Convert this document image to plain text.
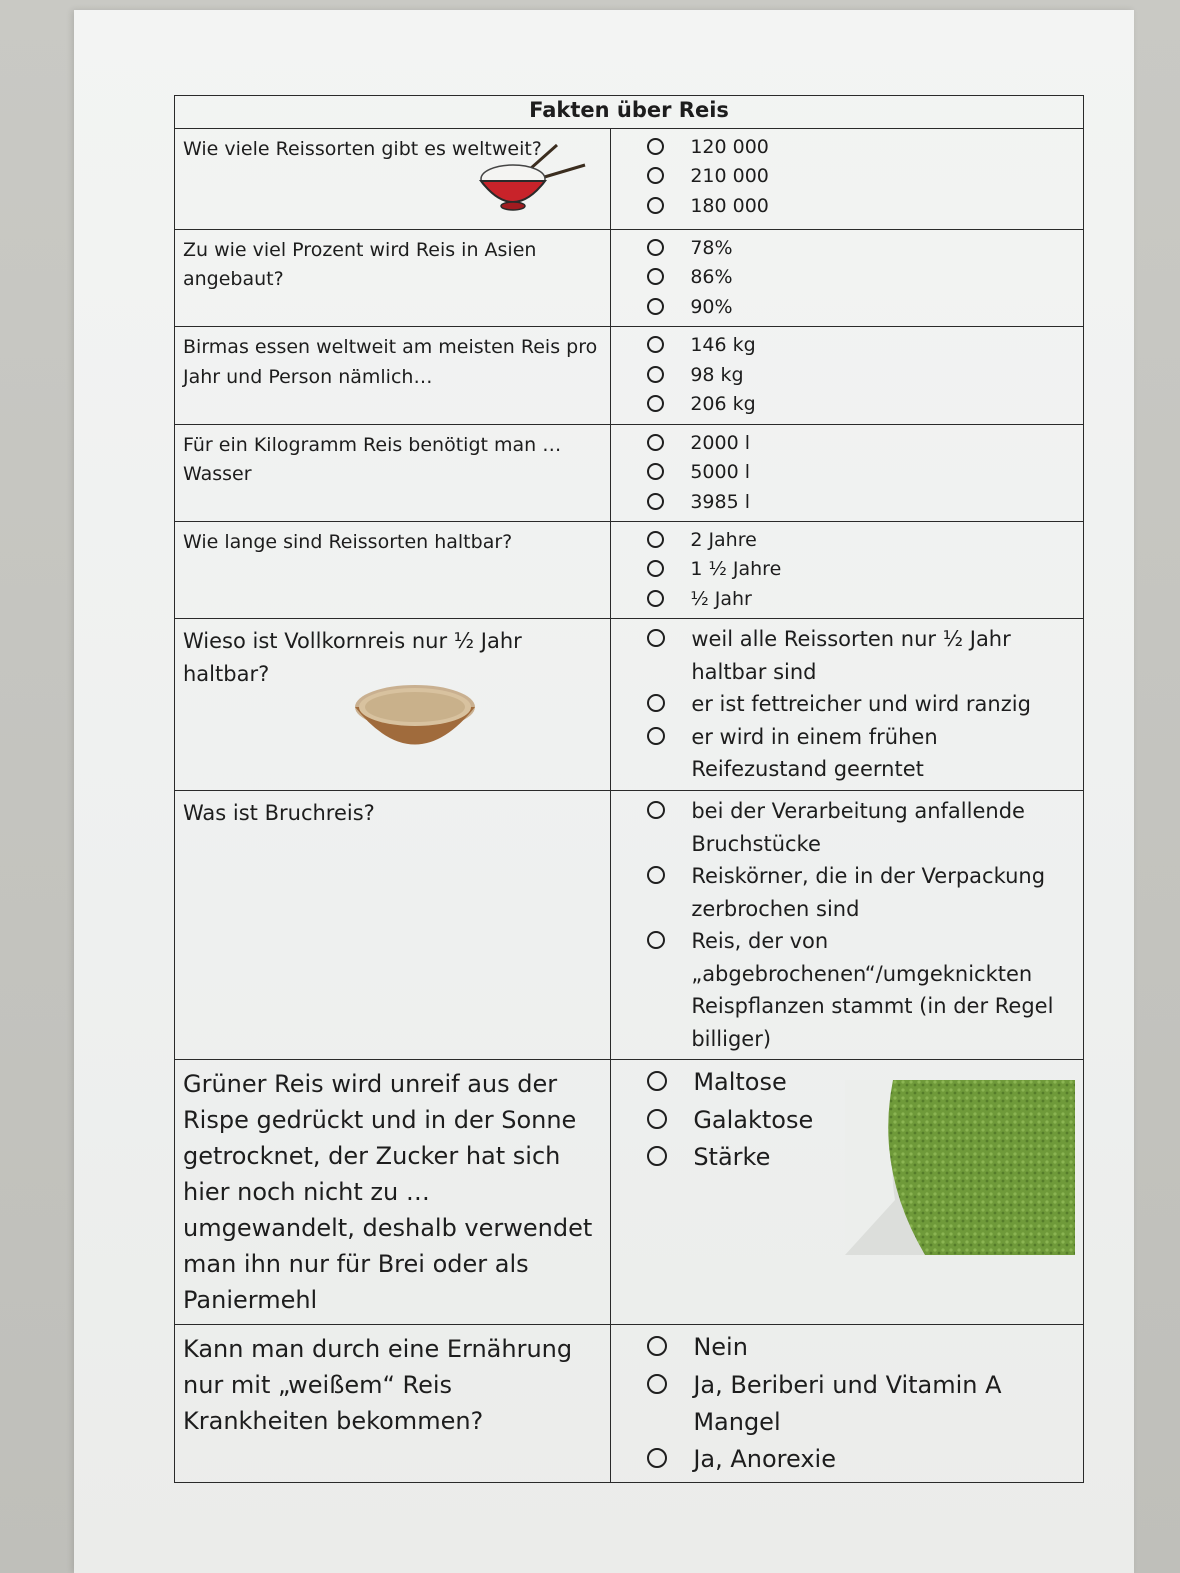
Fakten über Reis	
Wie viele Reissorten gibt es weltweit?	120 000
210 000
180 000

Zu wie viel Prozent wird Reis in Asien angebaut?	78%
86%
90%

Birmas essen weltweit am meisten Reis pro Jahr und Person nämlich…	146 kg
98 kg
206 kg

Für ein Kilogramm Reis benötigt man … Wasser	2000 l
5000 l
3985 l

Wie lange sind Reissorten haltbar?	2 Jahre
1 ½ Jahre
½ Jahr

Wieso ist Vollkornreis nur ½ Jahr haltbar?	weil alle Reissorten nur ½ Jahr haltbar sind
er ist fettreicher und wird ranzig
er wird in einem frühen Reifezustand geerntet

Was ist Bruchreis?	bei der Verarbeitung anfallende Bruchstücke
Reiskörner, die in der Verpackung zerbrochen sind
Reis, der von „abgebrochenen“/umgeknickten Reispflanzen stammt (in der Regel billiger)

Grüner Reis wird unreif aus der Rispe gedrückt und in der Sonne getrocknet, der Zucker hat sich hier noch nicht zu … umgewandelt, deshalb verwendet man ihn nur für Brei oder als Paniermehl	Maltose
Galaktose
Stärke

Kann man durch eine Ernährung nur mit „weißem“ Reis Krankheiten bekommen?	Nein
Ja, Beriberi und Vitamin A Mangel
Ja, Anorexie
